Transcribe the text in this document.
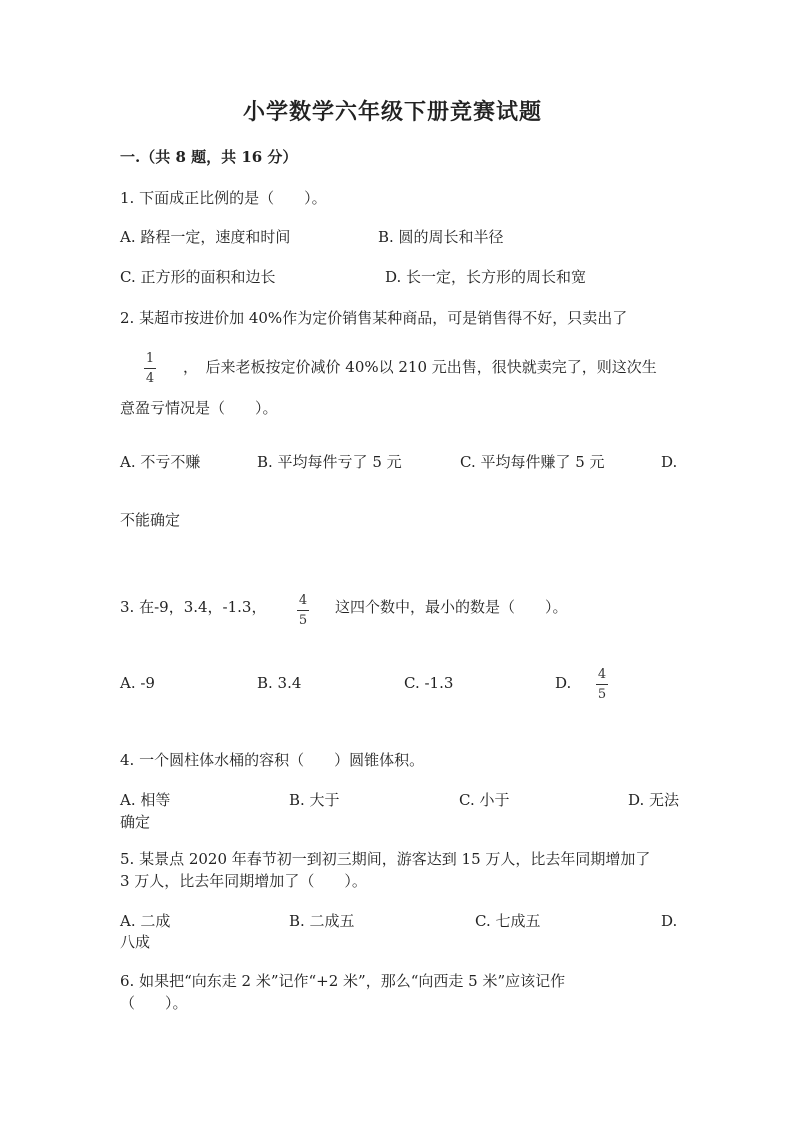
小学数学六年级下册竞赛试题
一.（共 8 题，共 16 分）
1. 下面成正比例的是（　　）。
A. 路程一定，速度和时间	B. 圆的周长和半径
C. 正方形的面积和边长	D. 长一定，长方形的周长和宽
2. 某超市按进价加 40%作为定价销售某种商品，可是销售得不好，只卖出了
1
4
，　后来老板按定价减价 40%以 210 元出售，很快就卖完了，则这次生
意盈亏情况是（　　）。
A. 不亏不赚	B. 平均每件亏了 5 元	C. 平均每件赚了 5 元	D.
不能确定
3. 在-9，3.4，-1.3， 4
5
这四个数中，最小的数是（　　）。
A. -9	B. 3.4	C. -1.3	D. 4
5
4. 一个圆柱体水桶的容积（　　）圆锥体积。
A. 相等	B. 大于	C. 小于	D. 无法
确定
5. 某景点 2020 年春节初一到初三期间，游客达到 15 万人，比去年同期增加了
3 万人，比去年同期增加了（　　）。
A. 二成	B. 二成五	C. 七成五	D.
八成
6. 如果把“向东走 2 米”记作“+2 米”，那么“向西走 5 米”应该记作
（　　）。
